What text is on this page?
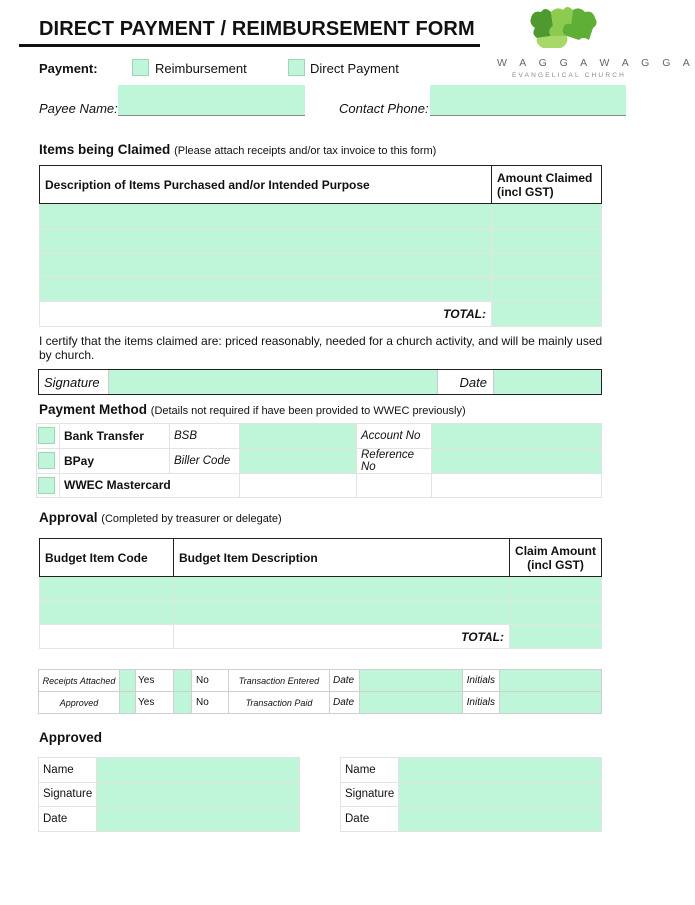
DIRECT PAYMENT / REIMBURSEMENT FORM
W A G G A W A G G A
EVANGELICAL CHURCH
Payment:	Reimbursement	Direct Payment
Payee Name:	Contact Phone:
Items being Claimed (Please attach receipts and/or tax invoice to this form)
Description of Items Purchased and/or Intended Purpose	Amount Claimed (incl GST)

TOTAL:	
I certify that the items claimed are: priced reasonably, needed for a church activity, and will be mainly used by church.
Signature	Date
Payment Method (Details not required if have been provided to WWEC previously)
	Bank Transfer	BSB		Account No	

	BPay	Biller Code		Reference No	

	WWEC Mastercard				
Approval (Completed by treasurer or delegate)
Budget Item Code	Budget Item Description	Claim Amount (incl GST)

	TOTAL:	
Receipts Attached		Yes		No	Transaction Entered	Date		Initials	
Approved		Yes		No	Transaction Paid	Date		Initials	
Approved
Name	
Signature	
Date	
Name	
Signature	
Date	
